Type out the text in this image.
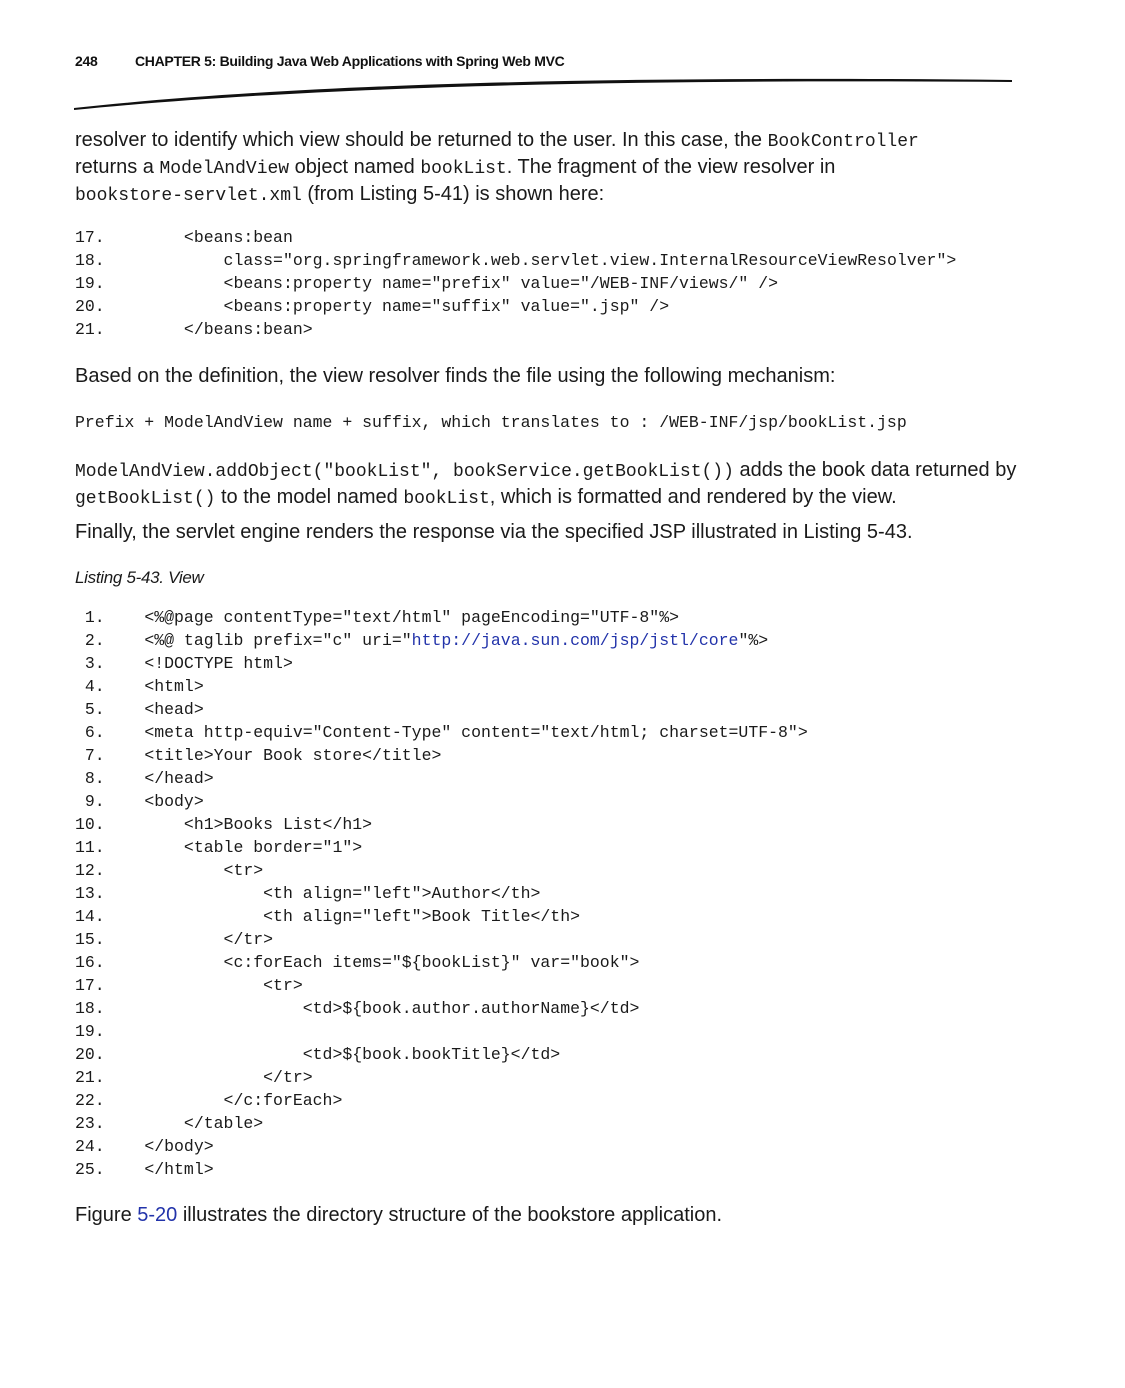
248	CHAPTER 5: Building Java Web Applications with Spring Web MVC

resolver to identify which view should be returned to the user. In this case, the BookController
returns a ModelAndView object named bookList. The fragment of the view resolver in
bookstore-servlet.xml (from Listing 5-41) is shown here:

17.        <beans:bean
18.            class="org.springframework.web.servlet.view.InternalResourceViewResolver">
19.            <beans:property name="prefix" value="/WEB-INF/views/" />
20.            <beans:property name="suffix" value=".jsp" />
21.        </beans:bean>

Based on the definition, the view resolver finds the file using the following mechanism:

Prefix + ModelAndView name + suffix, which translates to : /WEB-INF/jsp/bookList.jsp

ModelAndView.addObject("bookList", bookService.getBookList()) adds the book data returned by
getBookList() to the model named bookList, which is formatted and rendered by the view.

Finally, the servlet engine renders the response via the specified JSP illustrated in Listing 5-43.

Listing 5-43. View
1.    <%@page contentType="text/html" pageEncoding="UTF-8"%>
2.    <%@ taglib prefix="c" uri="http://java.sun.com/jsp/jstl/core"%>
3.    <!DOCTYPE html>
4.    <html>
5.    <head>
6.    <meta http-equiv="Content-Type" content="text/html; charset=UTF-8">
7.    <title>Your Book store</title>
8.    </head>
9.    <body>
10.        <h1>Books List</h1>
11.        <table border="1">
12.            <tr>
13.                <th align="left">Author</th>
14.                <th align="left">Book Title</th>
15.            </tr>
16.            <c:forEach items="${bookList}" var="book">
17.                <tr>
18.                    <td>${book.author.authorName}</td>
19.
20.                    <td>${book.bookTitle}</td>
21.                </tr>
22.            </c:forEach>
23.        </table>
24.    </body>
25.    </html>

Figure 5-20 illustrates the directory structure of the bookstore application.
